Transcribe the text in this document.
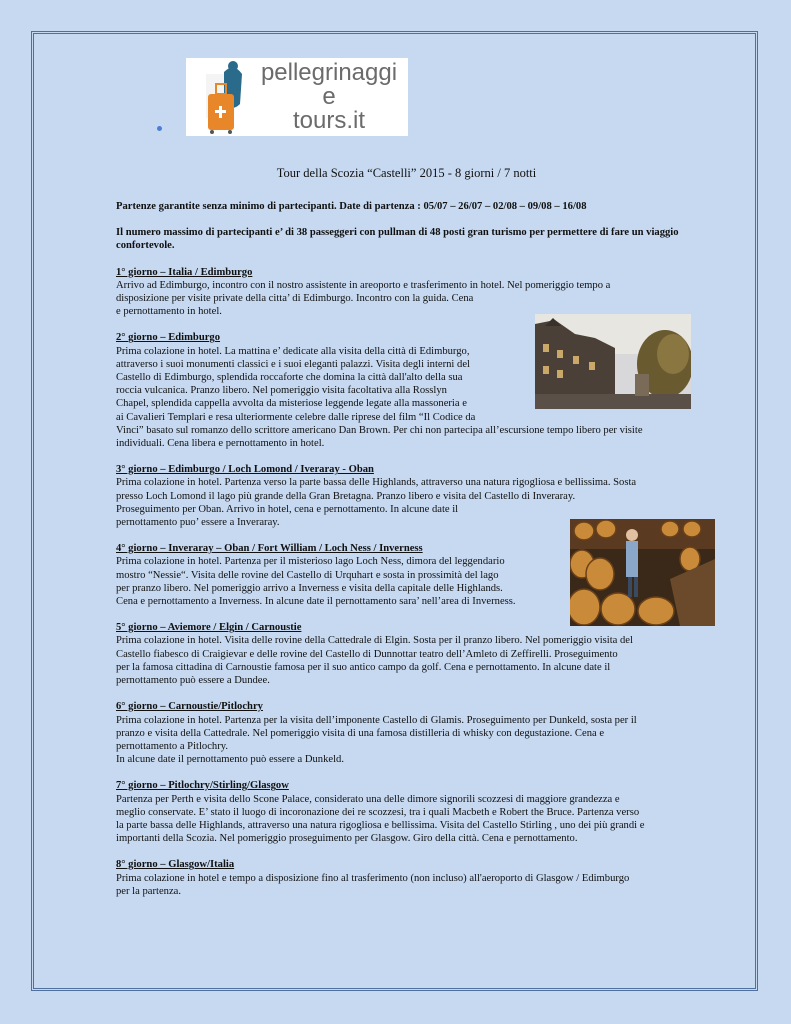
pellegrinaggi
e
tours.it
Tour della Scozia “Castelli” 2015 - 8 giorni / 7 notti

Partenze garantite senza minimo di partecipanti. Date di partenza : 05/07 – 26/07 – 02/08 – 09/08 – 16/08

Il numero massimo di partecipanti e’ di 38 passeggeri con pullman di 48 posti gran turismo per permettere di fare un viaggio confortevole.

1° giorno – Italia / Edimburgo

Arrivo ad Edimburgo, incontro con il nostro assistente in areoporto e trasferimento in hotel. Nel pomeriggio tempo a

disposizione per visite private della citta’ di Edimburgo. Incontro con la guida. Cena

e pernottamento in hotel.

2° giorno – Edimburgo

Prima colazione in hotel. La mattina e’ dedicate alla visita della città di Edimburgo,

attraverso i suoi monumenti classici e i suoi eleganti palazzi. Visita degli interni del

Castello di Edimburgo, splendida roccaforte che domina la città dall'alto della sua

roccia vulcanica. Pranzo libero. Nel pomeriggio visita facoltativa alla Rosslyn

Chapel, splendida cappella avvolta da misteriose leggende legate alla massoneria e

ai Cavalieri Templari e resa ulteriormente celebre dalle riprese del film “Il Codice da

Vinci” basato sul romanzo dello scrittore americano Dan Brown. Per chi non partecipa all’escursione tempo libero per visite

individuali. Cena libera e pernottamento in hotel.

3° giorno – Edimburgo / Loch Lomond / Iveraray - Oban

Prima colazione in hotel. Partenza verso la parte bassa delle Highlands, attraverso una natura rigogliosa e bellissima. Sosta

presso Loch Lomond il lago più grande della Gran Bretagna. Pranzo libero e visita del Castello di Inveraray.

Proseguimento per Oban. Arrivo in hotel, cena e pernottamento. In alcune date il

pernottamento puo’ essere a Inveraray.

4° giorno – Inveraray – Oban / Fort William / Loch Ness / Inverness

Prima colazione in hotel. Partenza per il misterioso lago Loch Ness, dimora del leggendario

mostro “Nessie“. Visita delle rovine del Castello di Urquhart e sosta in prossimità del lago

per pranzo libero. Nel pomeriggio arrivo a Inverness e visita della capitale delle Highlands.

Cena e pernottamento a Inverness. In alcune date il pernottamento sara’ nell’area di Inverness.

5° giorno – Aviemore / Elgin / Carnoustie

Prima colazione in hotel. Visita delle rovine della Cattedrale di Elgin. Sosta per il pranzo libero. Nel pomeriggio visita del

Castello fiabesco di Craigievar e delle rovine del Castello di Dunnottar teatro dell’Amleto di Zeffirelli. Proseguimento

per la famosa cittadina di Carnoustie famosa per il suo antico campo da golf. Cena e pernottamento. In alcune date il

pernottamento può essere a Dundee.

6° giorno – Carnoustie/Pitlochry

Prima colazione in hotel. Partenza per la visita dell’imponente Castello di Glamis. Proseguimento per Dunkeld, sosta per il

pranzo e visita della Cattedrale. Nel pomeriggio visita di una famosa distilleria di whisky con degustazione. Cena e

pernottamento a Pitlochry.

In alcune date il pernottamento può essere a Dunkeld.

7° giorno – Pitlochry/Stirling/Glasgow

Partenza per Perth e visita dello Scone Palace, considerato una delle dimore signorili scozzesi di maggiore grandezza e

meglio conservate. E’ stato il luogo di incoronazione dei re scozzesi, tra i quali Macbeth e Robert the Bruce. Partenza verso

la parte bassa delle Highlands, attraverso una natura rigogliosa e bellissima. Visita del Castello Stirling , uno dei più grandi e

importanti della Scozia. Nel pomeriggio proseguimento per Glasgow. Giro della città. Cena e pernottamento.

8° giorno – Glasgow/Italia

Prima colazione in hotel e tempo a disposizione fino al trasferimento (non incluso) all'aeroporto di Glasgow / Edimburgo

per la partenza.
